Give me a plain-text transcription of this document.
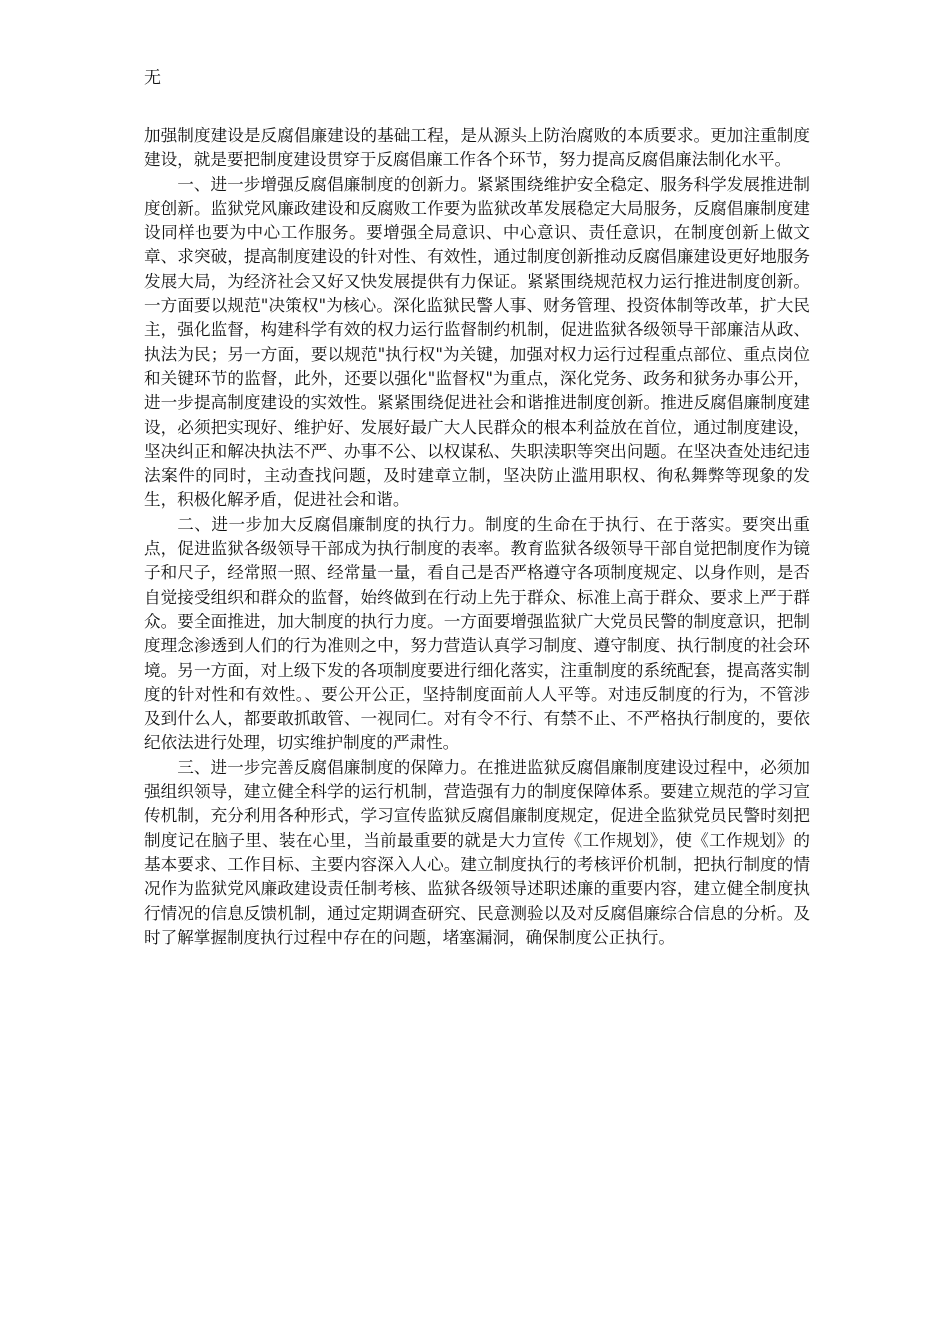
无

加强制度建设是反腐倡廉建设的基础工程，是从源头上防治腐败的本质要求。更加注重制度建设，就是要把制度建设贯穿于反腐倡廉工作各个环节，努力提高反腐倡廉法制化水平。

一、进一步增强反腐倡廉制度的创新力。紧紧围绕维护安全稳定、服务科学发展推进制度创新。监狱党风廉政建设和反腐败工作要为监狱改革发展稳定大局服务，反腐倡廉制度建设同样也要为中心工作服务。要增强全局意识、中心意识、责任意识，在制度创新上做文章、求突破，提高制度建设的针对性、有效性，通过制度创新推动反腐倡廉建设更好地服务发展大局，为经济社会又好又快发展提供有力保证。紧紧围绕规范权力运行推进制度创新。一方面要以规范"决策权"为核心。深化监狱民警人事、财务管理、投资体制等改革，扩大民主，强化监督，构建科学有效的权力运行监督制约机制，促进监狱各级领导干部廉洁从政、执法为民；另一方面，要以规范"执行权"为关键，加强对权力运行过程重点部位、重点岗位和关键环节的监督，此外，还要以强化"监督权"为重点，深化党务、政务和狱务办事公开，进一步提高制度建设的实效性。紧紧围绕促进社会和谐推进制度创新。推进反腐倡廉制度建设，必须把实现好、维护好、发展好最广大人民群众的根本利益放在首位，通过制度建设，坚决纠正和解决执法不严、办事不公、以权谋私、失职渎职等突出问题。在坚决查处违纪违法案件的同时，主动查找问题，及时建章立制，坚决防止滥用职权、徇私舞弊等现象的发生，积极化解矛盾，促进社会和谐。

二、进一步加大反腐倡廉制度的执行力。制度的生命在于执行、在于落实。要突出重点，促进监狱各级领导干部成为执行制度的表率。教育监狱各级领导干部自觉把制度作为镜子和尺子，经常照一照、经常量一量，看自己是否严格遵守各项制度规定、以身作则，是否自觉接受组织和群众的监督，始终做到在行动上先于群众、标准上高于群众、要求上严于群众。要全面推进，加大制度的执行力度。一方面要增强监狱广大党员民警的制度意识，把制度理念渗透到人们的行为准则之中，努力营造认真学习制度、遵守制度、执行制度的社会环境。另一方面，对上级下发的各项制度要进行细化落实，注重制度的系统配套，提高落实制度的针对性和有效性。、要公开公正，坚持制度面前人人平等。对违反制度的行为，不管涉及到什么人，都要敢抓敢管、一视同仁。对有令不行、有禁不止、不严格执行制度的，要依纪依法进行处理，切实维护制度的严肃性。

三、进一步完善反腐倡廉制度的保障力。在推进监狱反腐倡廉制度建设过程中，必须加强组织领导，建立健全科学的运行机制，营造强有力的制度保障体系。要建立规范的学习宣传机制，充分利用各种形式，学习宣传监狱反腐倡廉制度规定，促进全监狱党员民警时刻把制度记在脑子里、装在心里，当前最重要的就是大力宣传《工作规划》，使《工作规划》的基本要求、工作目标、主要内容深入人心。建立制度执行的考核评价机制，把执行制度的情况作为监狱党风廉政建设责任制考核、监狱各级领导述职述廉的重要内容，建立健全制度执行情况的信息反馈机制，通过定期调查研究、民意测验以及对反腐倡廉综合信息的分析。及时了解掌握制度执行过程中存在的问题，堵塞漏洞，确保制度公正执行。
